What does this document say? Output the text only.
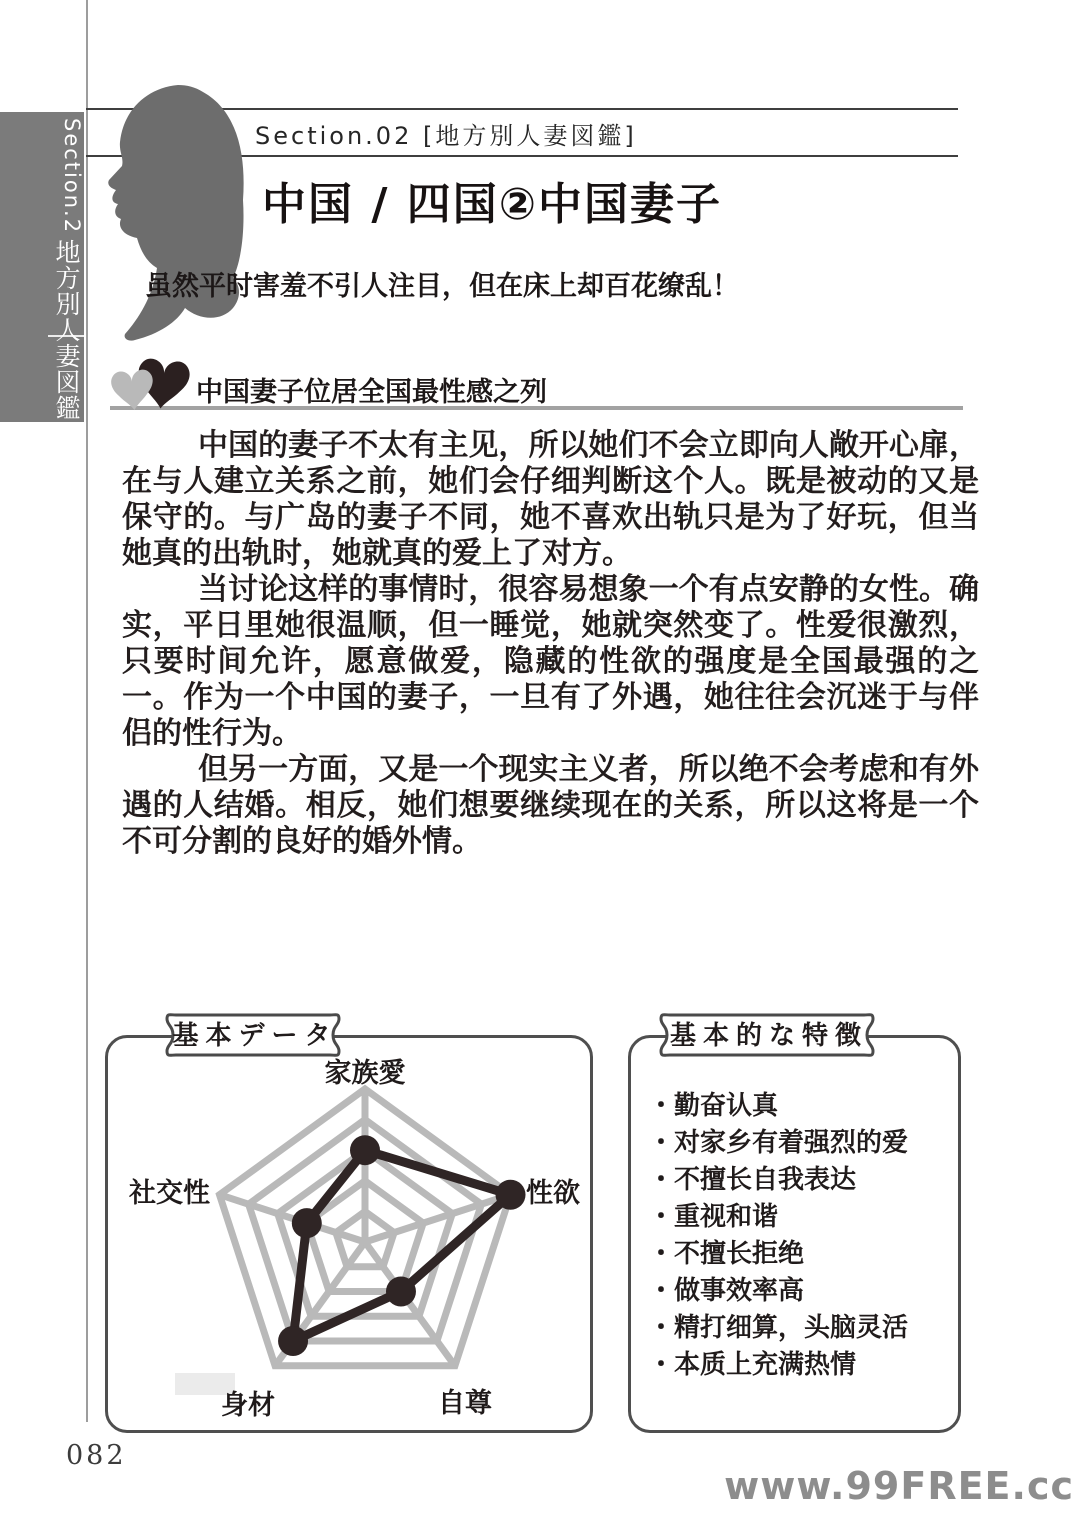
Section.2
地方別人妻図鑑
Section.02 [地方別人妻図鑑]
中国 / 四国②中国妻子
虽然平时害羞不引人注目，但在床上却百花缭乱！
中国妻子位居全国最性感之列

中国的妻子不太有主见，所以她们不会立即向人敞开心扉，在与人建立关系之前，她们会仔细判断这个人。既是被动的又是保守的。与广岛的妻子不同，她不喜欢出轨只是为了好玩，但当她真的出轨时，她就真的爱上了对方。

当讨论这样的事情时，很容易想象一个有点安静的女性。确实，平日里她很温顺，但一睡觉，她就突然变了。性爱很激烈，只要时间允许，愿意做爱，隐藏的性欲的强度是全国最强的之一。作为一个中国的妻子，一旦有了外遇，她往往会沉迷于与伴侣的性行为。

但另一方面，又是一个现实主义者，所以绝不会考虑和有外遇的人结婚。相反，她们想要继续现在的关系，所以这将是一个不可分割的良好的婚外情。

家族愛
性欲
自尊
身材
社交性
基本データ	基本的な特徴
・勤奋认真
・对家乡有着强烈的爱
・不擅长自我表达
・重视和谐
・不擅长拒绝
・做事效率高
・精打细算，头脑灵活
・本质上充满热情
082
www.99FREE.cc
